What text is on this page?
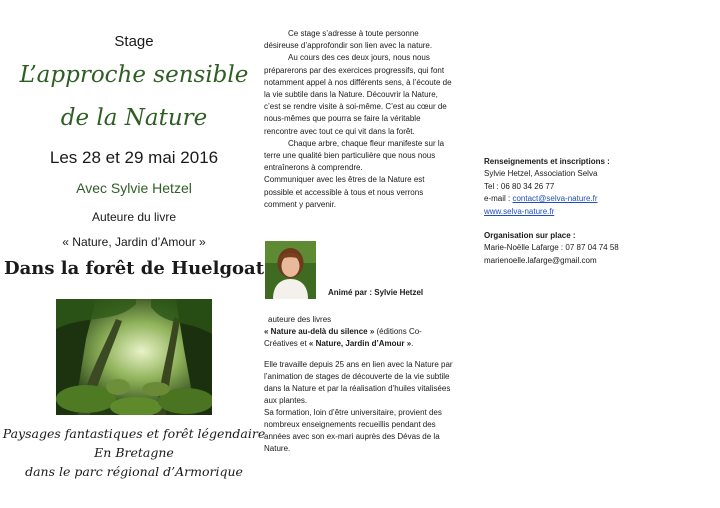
Stage
L’approche sensible
de la Nature
Les 28 et 29 mai 2016
Avec Sylvie Hetzel
Auteure du livre
« Nature, Jardin d’Amour »
Dans la forêt de Huelgoat
Paysages fantastiques et forêt légendaire
En Bretagne
dans le parc régional d’Armorique

Ce stage s’adresse à toute personne désireuse d’approfondir son lien avec la nature.

Au cours des ces deux jours, nous nous préparerons par des exercices progressifs, qui font notamment appel à nos différents sens, à l’écoute de la vie subtile dans la Nature. Découvrir la Nature, c’est se rendre visite à soi-même. C’est au cœur de nous-mêmes que pourra se faire la véritable rencontre avec tout ce qui vit dans la forêt.

Chaque arbre, chaque fleur manifeste sur la terre une qualité bien particulière que nous nous entraînerons à comprendre.

Communiquer avec les êtres de la Nature est possible et accessible à tous et nous verrons comment y parvenir.

Animé par : Sylvie Hetzel

auteure des livres

« Nature au-delà du silence » (éditions Co-Créatives et « Nature, Jardin d’Amour ».

Elle travaille depuis 25 ans en lien avec la Nature par l’animation de stages de découverte de la vie subtile dans la Nature et par la réalisation d’huiles vitalisées aux plantes.

Sa formation, loin d’être universitaire, provient des nombreux enseignements recueillis pendant des années avec son ex-mari auprès des Dévas de la Nature.

Renseignements et inscriptions :

Sylvie Hetzel, Association Selva

Tel : 06 80 34 26 77

e-mail : contact@selva-nature.fr

www.selva-nature.fr

Organisation sur place :

Marie-Noëlle Lafarge : 07 87 04 74 58

marienoelle.lafarge@gmail.com
